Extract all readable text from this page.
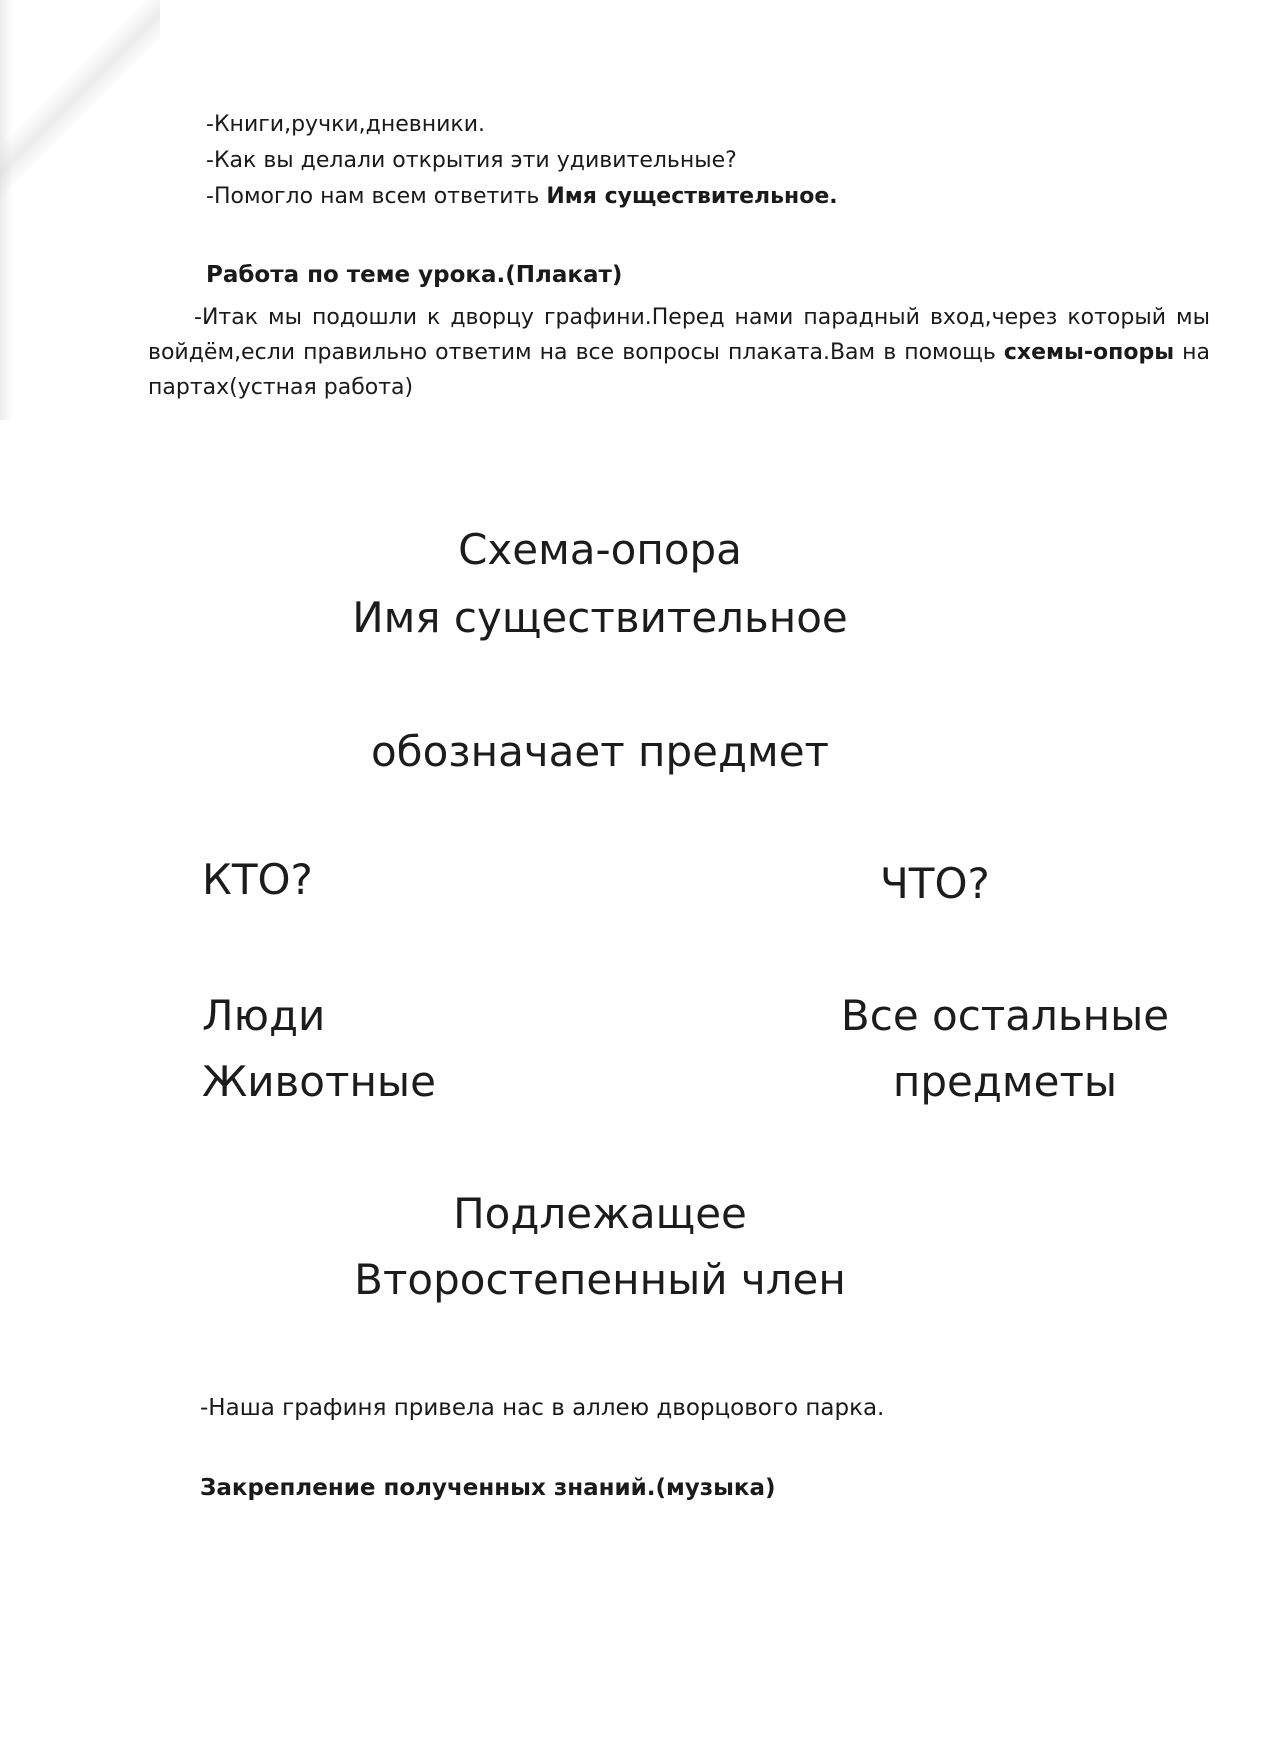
-Книги,ручки,дневники.
-Как вы делали открытия эти удивительные?
-Помогло нам всем ответить Имя существительное.
Работа по теме урока.(Плакат)
-Итак мы подошли к дворцу графини.Перед нами парадный вход,через который мы войдём,если правильно ответим на все вопросы плаката.Вам в помощь схемы-опоры на партах(устная работа)
Схема-опора
Имя существительное
обозначает предмет
КТО?	ЧТО?
Люди
Животные
Все остальные
предметы
Подлежащее
Второстепенный член
-Наша графиня привела нас в аллею дворцового парка.
Закрепление полученных знаний.(музыка)
